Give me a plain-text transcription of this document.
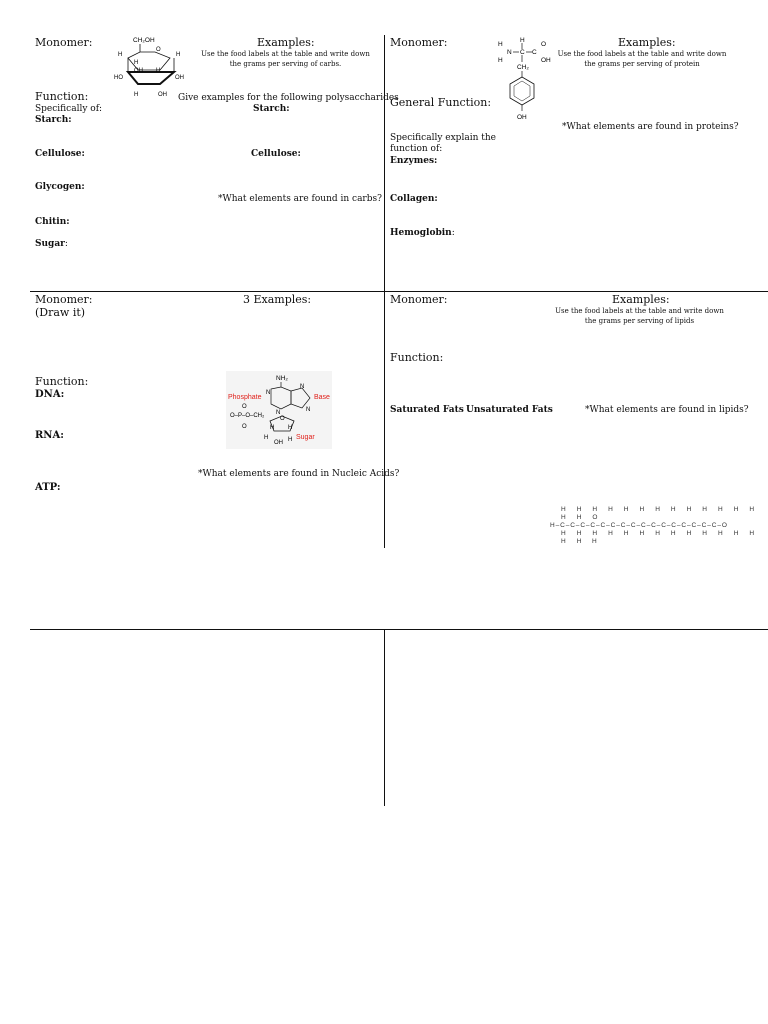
Monomer:	CH₂OH
O
H	H
H
OH H
HO	OH
H	OH
Examples:
Use the food labels at the table and write down the grams per serving of carbs.
Function:	Give examples for the following polysaccharides
Specifically of:
Starch:
Starch:
Cellulose:	Cellulose:
Glycogen:
*What elements are found in carbs?
Chitin:
Sugar:
Monomer:	H
H
N C C
O
OH
H
CH₂
OH
Examples:
Use the food labels at the table and write down the grams per serving of protein
General Function:
*What elements are found in proteins?
Specifically explain the function of:
Enzymes:
Collagen:
Hemoglobin:
Monomer:
(Draw it)
3 Examples:
Function:
DNA:
NH₂
N
N
N
N
Phosphate	Base
O
O–P–O–CH₂
O
O
H H
H
OH H Sugar
RNA:
*What elements are found in Nucleic Acids?
ATP:
Monomer:	Examples:
Use the food labels at the table and write down the grams per serving of lipids
Function:
Saturated Fats Unsaturated Fats	*What elements are found in lipids?
H H H H H H H H H H H H H H H O
H–C–C–C–C–C–C–C–C–C–C–C–C–C–C–C–C–O
H H H H H H H H H H H H H H H H
